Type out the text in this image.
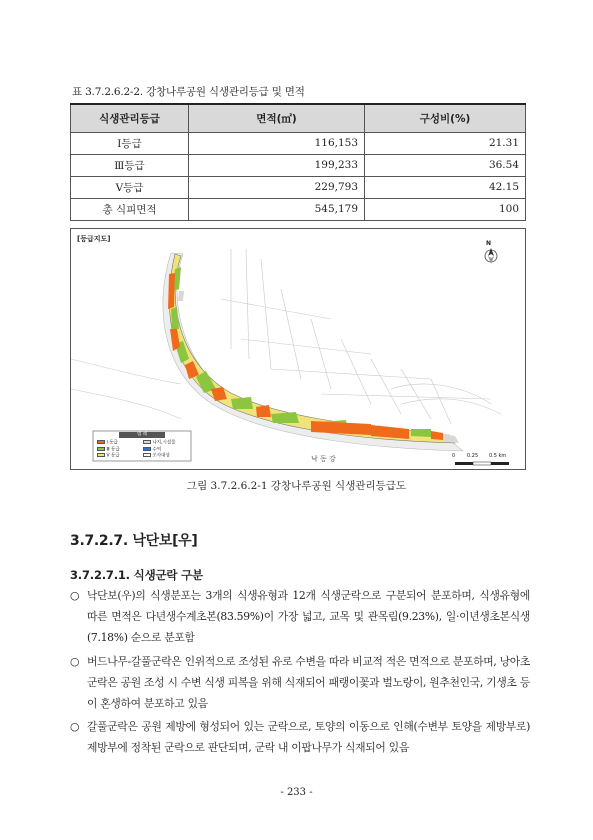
표 3.7.2.6.2-2. 강창나루공원 식생관리등급 및 면적
식생관리등급	면적(㎡)	구성비(%)
Ⅰ등급	116,153	21.31
Ⅲ등급	199,233	36.54
Ⅴ등급	229,793	42.15
총 식피면적	545,179	100
[등급지도]
N
낙 동 강
범 례
Ⅰ 등급	나지,시설물
Ⅲ 등급	수역
Ⅴ 등급	조사대상	0 0.25 0.5 km
그림 3.7.2.6.2-1 강창나루공원 식생관리등급도
3.7.2.7. 낙단보[우]
3.7.2.7.1. 식생군락 구분
○ 낙단보(우)의 식생분포는 3개의 식생유형과 12개 식생군락으로 구분되어 분포하며, 식생유형에 따른 면적은 다년생수계초본(83.59%)이 가장 넓고, 교목 및 관목림(9.23%), 일·이년생초본식생(7.18%) 순으로 분포함
○ 버드나무-갈풀군락은 인위적으로 조성된 유로 수변을 따라 비교적 적은 면적으로 분포하며, 낭아초군락은 공원 조성 시 수변 식생 피복을 위해 식재되어 패랭이꽃과 벌노랑이, 원추천인국, 기생초 등이 혼생하여 분포하고 있음
○ 갈풀군락은 공원 제방에 형성되어 있는 군락으로, 토양의 이동으로 인해(수변부 토양을 제방부로)제방부에 정착된 군락으로 판단되며, 군락 내 이팝나무가 식재되어 있음
- 233 -
